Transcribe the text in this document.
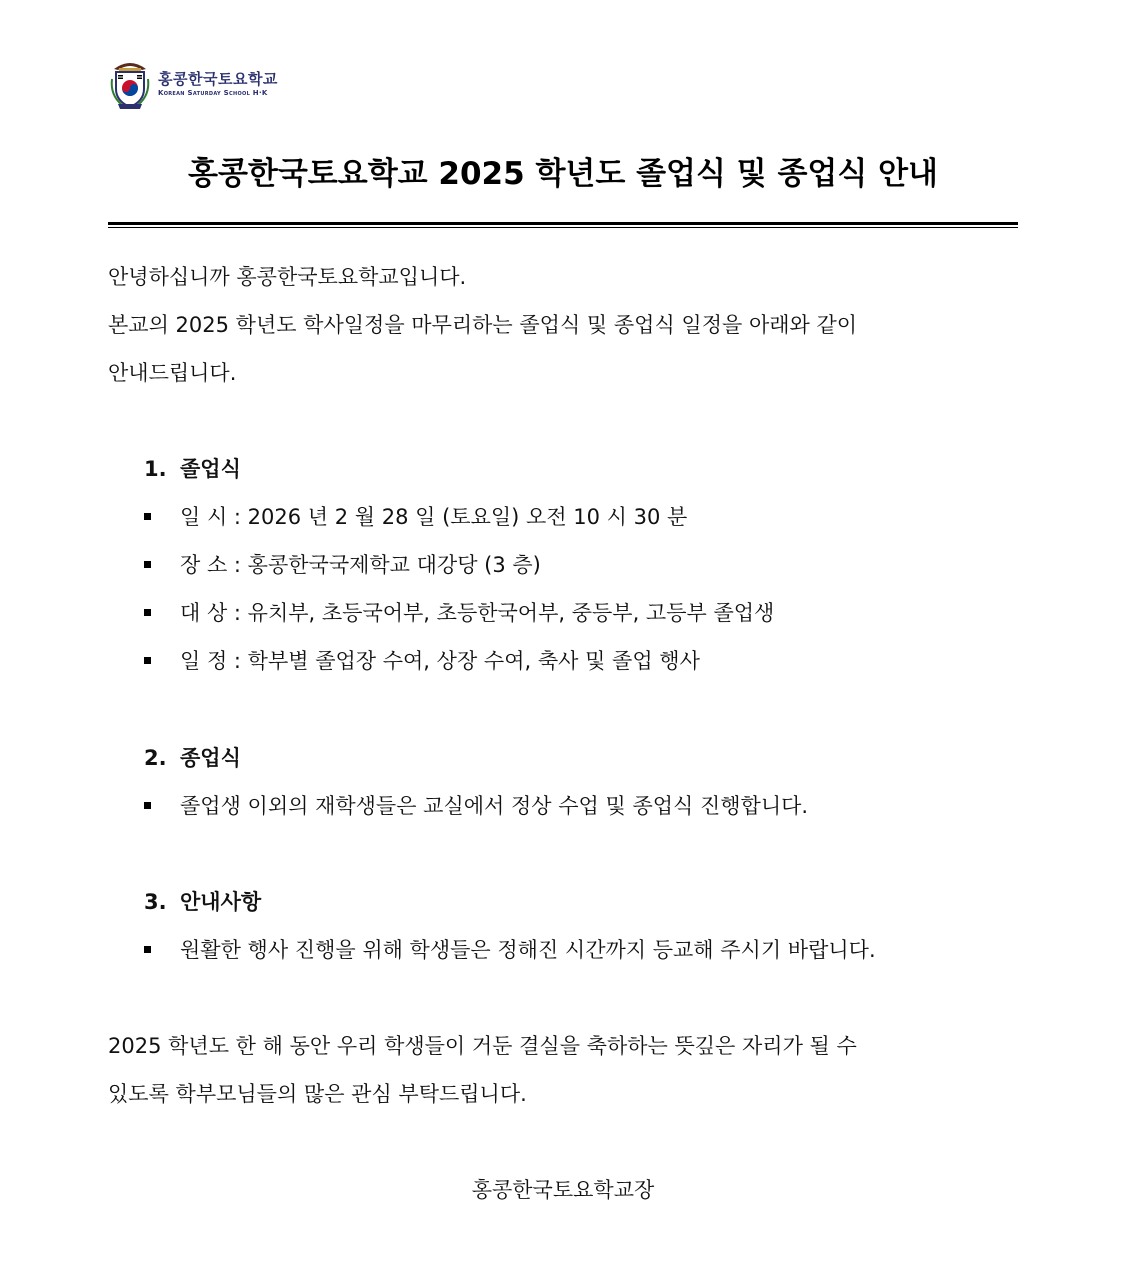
홍콩한국토요학교
Korean Saturday School H·K
홍콩한국토요학교 2025 학년도 졸업식 및 종업식 안내
안녕하십니까 홍콩한국토요학교입니다.
본교의 2025 학년도 학사일정을 마무리하는 졸업식 및 종업식 일정을 아래와 같이
안내드립니다.
1. 졸업식
일 시 : 2026 년 2 월 28 일 (토요일) 오전 10 시 30 분
장 소 : 홍콩한국국제학교 대강당 (3 층)
대 상 : 유치부, 초등국어부, 초등한국어부, 중등부, 고등부 졸업생
일 정 : 학부별 졸업장 수여, 상장 수여, 축사 및 졸업 행사
2. 종업식
졸업생 이외의 재학생들은 교실에서 정상 수업 및 종업식 진행합니다.
3. 안내사항
원활한 행사 진행을 위해 학생들은 정해진 시간까지 등교해 주시기 바랍니다.
2025 학년도 한 해 동안 우리 학생들이 거둔 결실을 축하하는 뜻깊은 자리가 될 수
있도록 학부모님들의 많은 관심 부탁드립니다.
홍콩한국토요학교장
